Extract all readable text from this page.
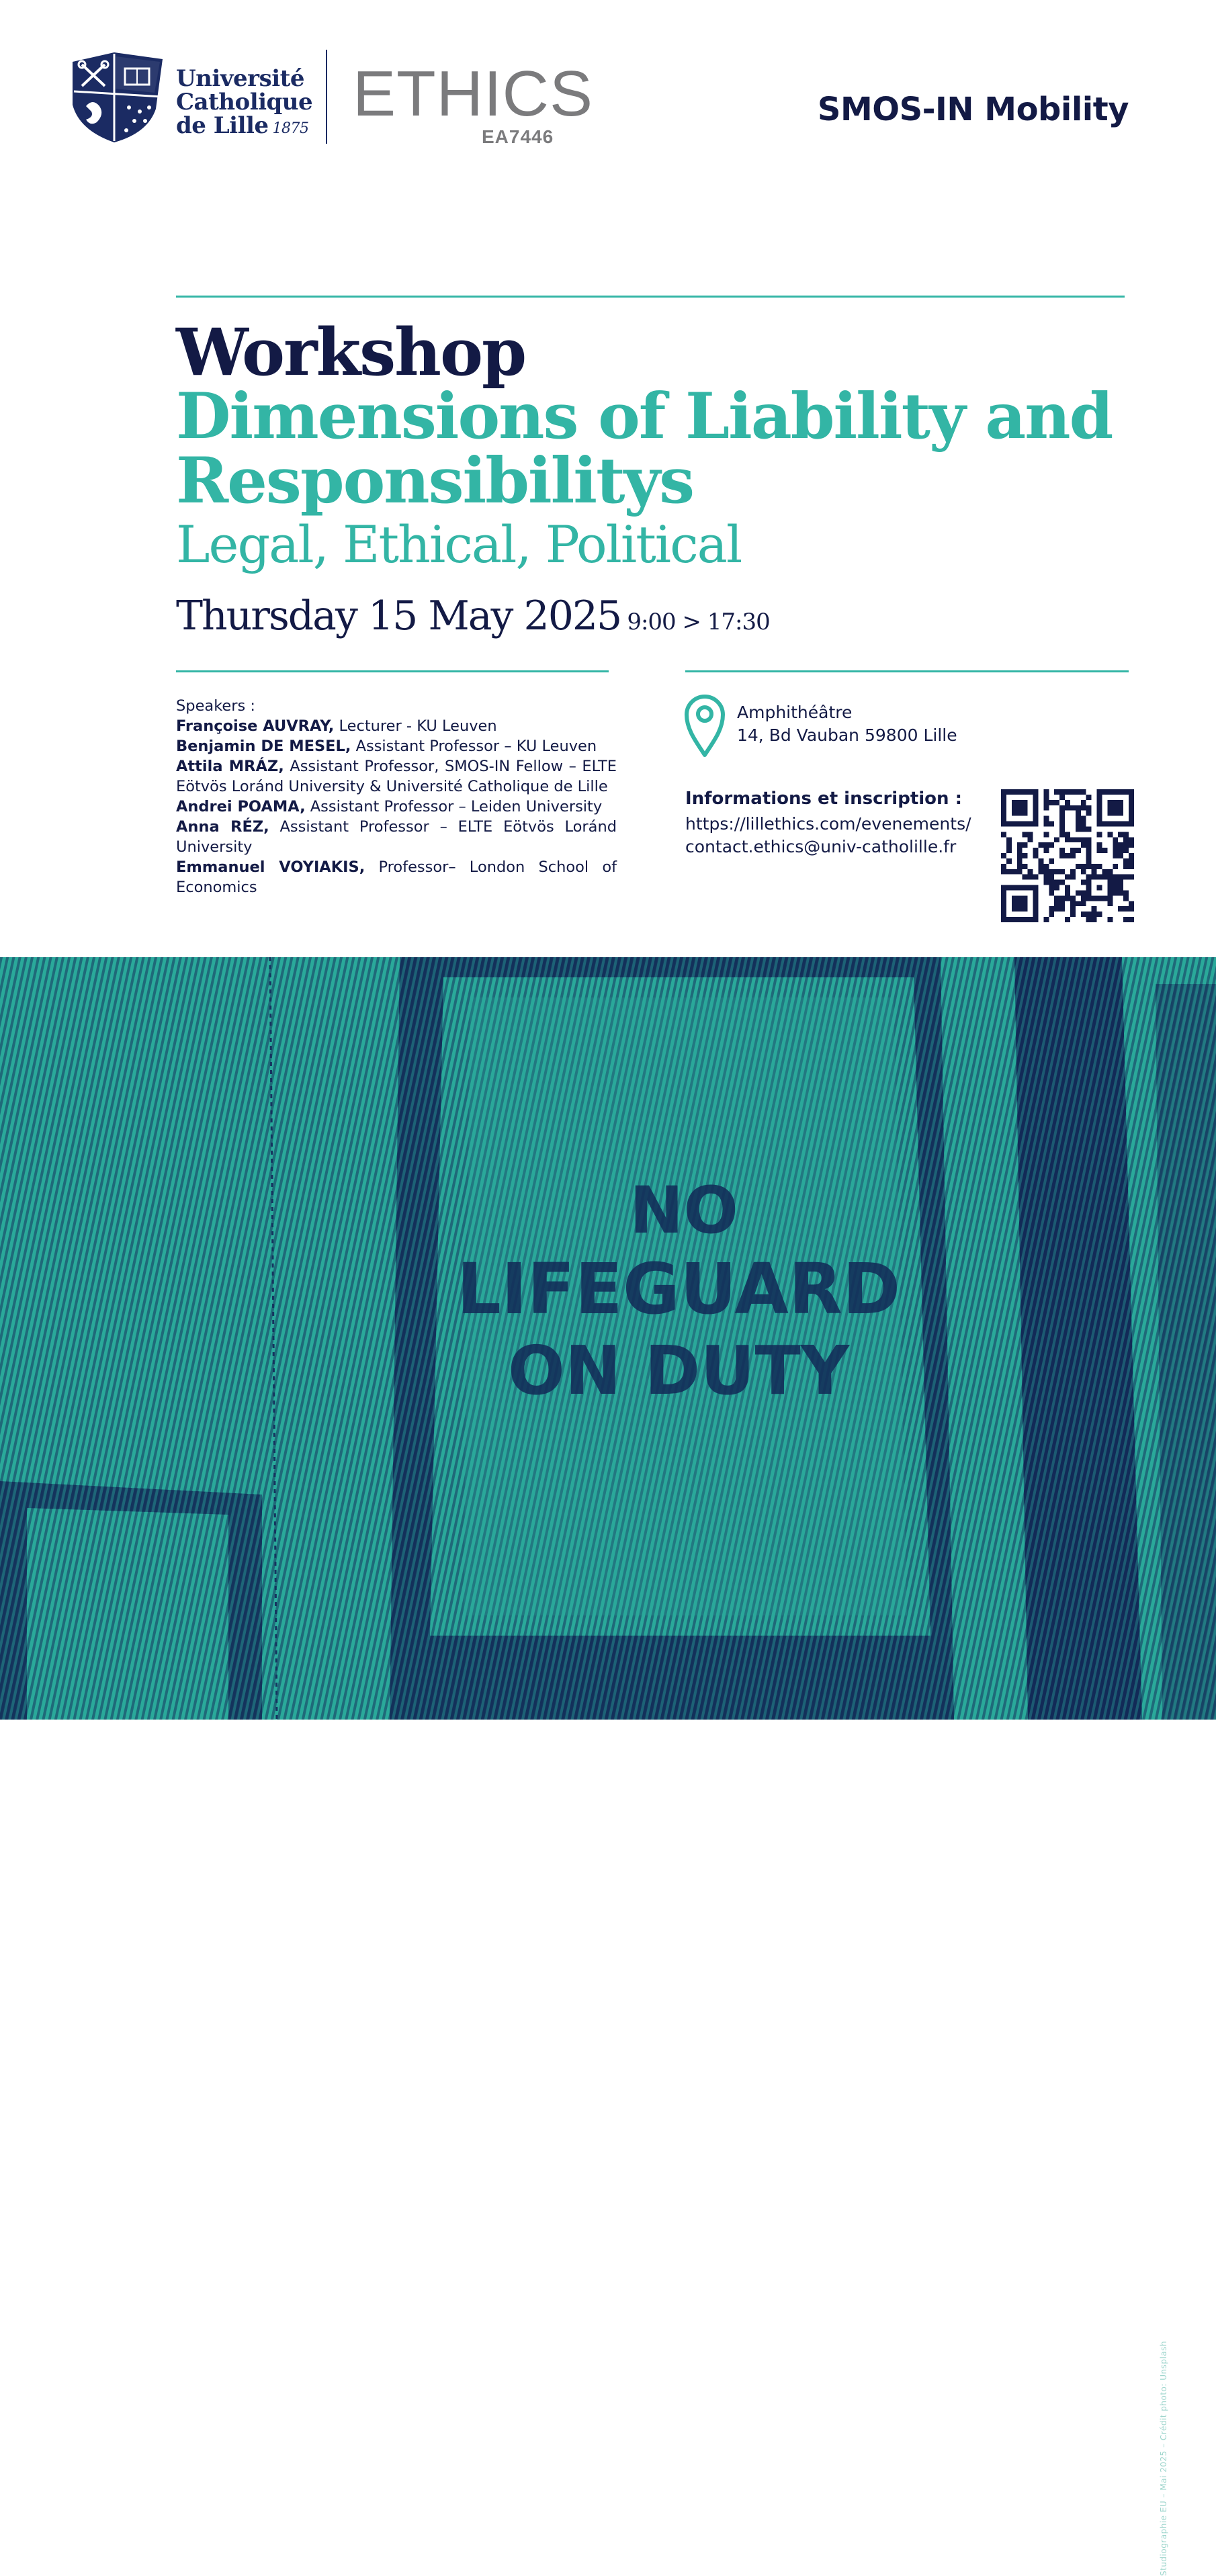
Université
Catholique
de Lille 1875 ETHICS
EA7446
SMOS-IN Mobility
Workshop
Dimensions of Liability and
Responsibilitys
Legal, Ethical, Political
Thursday 15 May 2025 9:00 > 17:30

Speakers :

Françoise AUVRAY, Lecturer - KU Leuven

Benjamin DE MESEL, Assistant Professor – KU Leuven

Attila MRÁZ, Assistant Professor, SMOS-IN Fellow – ELTE Eötvös Loránd University & Université Catholique de Lille

Andrei POAMA, Assistant Professor – Leiden University

Anna RÉZ, Assistant Professor – ELTE Eötvös Loránd University

Emmanuel VOYIAKIS, Professor– London School of Economics

Amphithéâtre
14, Bd Vauban 59800 Lille
Informations et inscription :
https://lillethics.com/evenements/
contact.ethics@univ-catholille.fr
NO
LIFEGUARD
ON DUTY
Studiographie EU – Mai 2025 – Crédit photo: Unsplash
